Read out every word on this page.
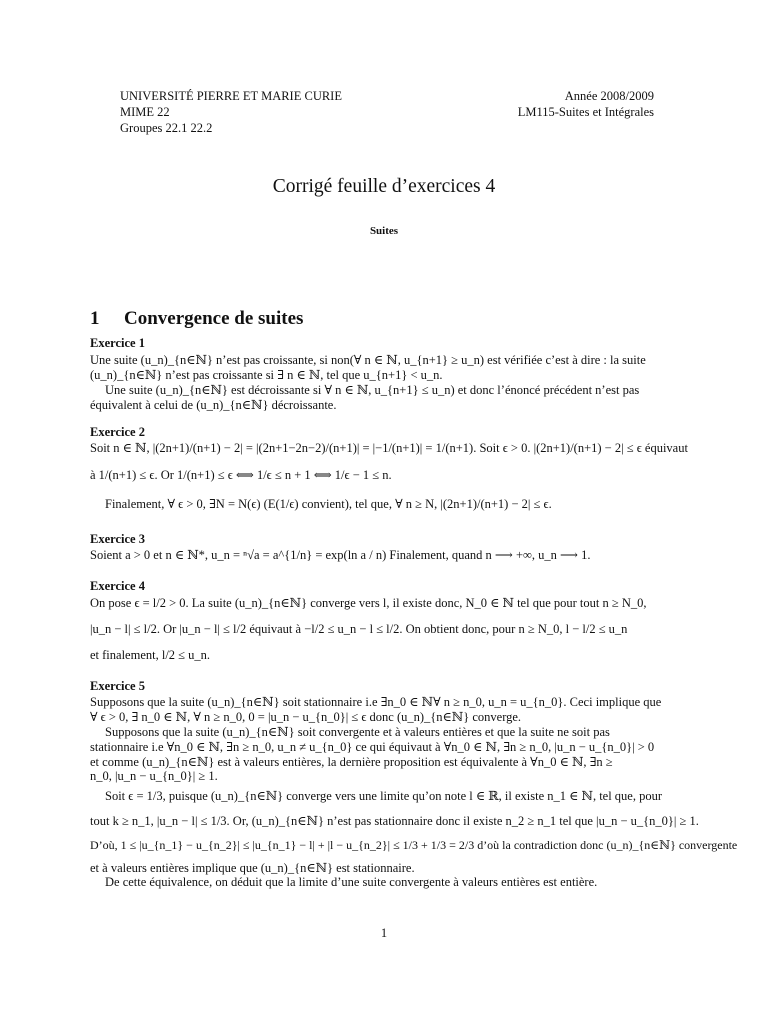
UNIVERSITÉ PIERRE ET MARIE CURIE
MIME 22
Groupes 22.1 22.2
Année 2008/2009
LM115-Suites et Intégrales
Corrigé feuille d’exercices 4
Suites
1 Convergence de suites
Exercice 1
Une suite (u_n)_{n∈ℕ} n’est pas croissante, si non(∀ n ∈ ℕ, u_{n+1} ≥ u_n) est vérifiée c’est à dire : la suite
(u_n)_{n∈ℕ} n’est pas croissante si ∃ n ∈ ℕ, tel que u_{n+1} < u_n.
Une suite (u_n)_{n∈ℕ} est décroissante si ∀ n ∈ ℕ, u_{n+1} ≤ u_n) et donc l’énoncé précédent n’est pas
équivalent à celui de (u_n)_{n∈ℕ} décroissante.
Exercice 2
Soit n ∈ ℕ, |(2n+1)/(n+1) − 2| = |(2n+1−2n−2)/(n+1)| = |−1/(n+1)| = 1/(n+1). Soit ϵ > 0. |(2n+1)/(n+1) − 2| ≤ ϵ équivaut
à 1/(n+1) ≤ ϵ. Or 1/(n+1) ≤ ϵ ⟺ 1/ϵ ≤ n + 1 ⟺ 1/ϵ − 1 ≤ n.
Finalement, ∀ ϵ > 0, ∃N = N(ϵ) (E(1/ϵ) convient), tel que, ∀ n ≥ N, |(2n+1)/(n+1) − 2| ≤ ϵ.
Exercice 3
Soient a > 0 et n ∈ ℕ*, u_n = ⁿ√a = a^{1/n} = exp(ln a / n) Finalement, quand n ⟶ +∞, u_n ⟶ 1.
Exercice 4
On pose ϵ = l/2 > 0. La suite (u_n)_{n∈ℕ} converge vers l, il existe donc, N_0 ∈ ℕ tel que pour tout n ≥ N_0,
|u_n − l| ≤ l/2. Or |u_n − l| ≤ l/2 équivaut à −l/2 ≤ u_n − l ≤ l/2. On obtient donc, pour n ≥ N_0, l − l/2 ≤ u_n
et finalement, l/2 ≤ u_n.
Exercice 5
Supposons que la suite (u_n)_{n∈ℕ} soit stationnaire i.e ∃n_0 ∈ ℕ∀ n ≥ n_0, u_n = u_{n_0}. Ceci implique que
∀ ϵ > 0, ∃ n_0 ∈ ℕ, ∀ n ≥ n_0, 0 = |u_n − u_{n_0}| ≤ ϵ donc (u_n)_{n∈ℕ} converge.
Supposons que la suite (u_n)_{n∈ℕ} soit convergente et à valeurs entières et que la suite ne soit pas
stationnaire i.e ∀n_0 ∈ ℕ, ∃n ≥ n_0, u_n ≠ u_{n_0} ce qui équivaut à ∀n_0 ∈ ℕ, ∃n ≥ n_0, |u_n − u_{n_0}| > 0
et comme (u_n)_{n∈ℕ} est à valeurs entières, la dernière proposition est équivalente à ∀n_0 ∈ ℕ, ∃n ≥
n_0, |u_n − u_{n_0}| ≥ 1.
Soit ϵ = 1/3, puisque (u_n)_{n∈ℕ} converge vers une limite qu’on note l ∈ ℝ, il existe n_1 ∈ ℕ, tel que, pour
tout k ≥ n_1, |u_n − l| ≤ 1/3. Or, (u_n)_{n∈ℕ} n’est pas stationnaire donc il existe n_2 ≥ n_1 tel que |u_n − u_{n_0}| ≥ 1.
D’où, 1 ≤ |u_{n_1} − u_{n_2}| ≤ |u_{n_1} − l| + |l − u_{n_2}| ≤ 1/3 + 1/3 = 2/3 d’où la contradiction donc (u_n)_{n∈ℕ} convergente
et à valeurs entières implique que (u_n)_{n∈ℕ} est stationnaire.
De cette équivalence, on déduit que la limite d’une suite convergente à valeurs entières est entière.
1
